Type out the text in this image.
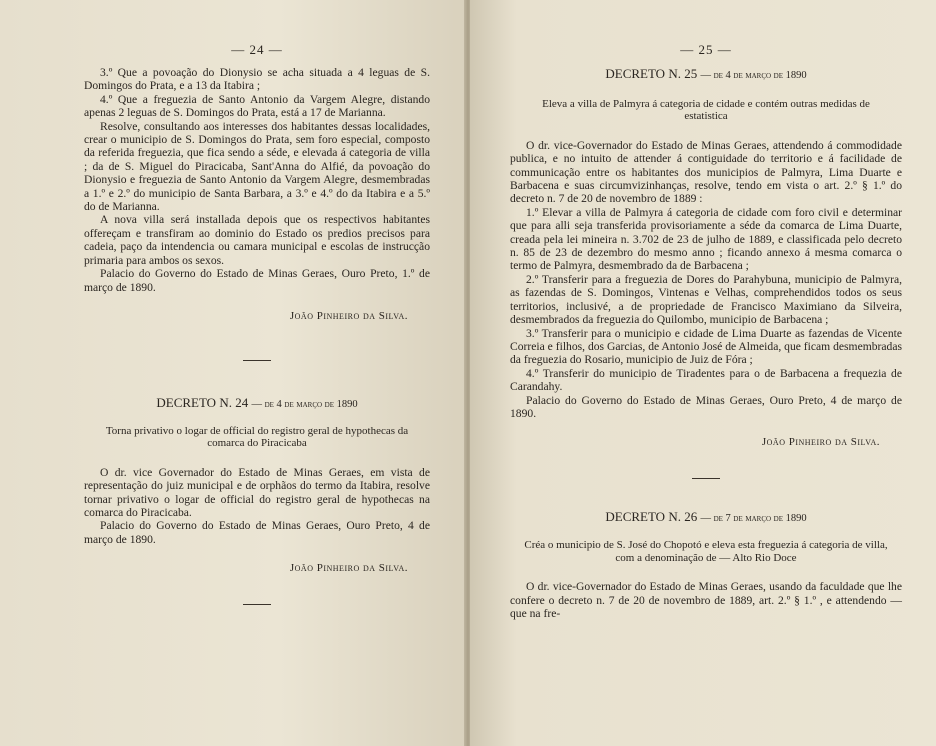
— 24 —

3.º Que a povoação do Dionysio se acha situada a 4 leguas de S. Domingos do Prata, e a 13 da Itabira ;

4.º Que a freguezia de Santo Antonio da Vargem Alegre, distando apenas 2 leguas de S. Domingos do Prata, está a 17 de Marianna.

Resolve, consultando aos interesses dos habitantes dessas localidades, crear o municipio de S. Domingos do Prata, sem foro especial, composto da referida freguezia, que fica sendo a séde, e elevada á categoria de villa ; da de S. Miguel do Piracicaba, Sant'Anna do Alfié, da povoação do Dionysio e freguezia de Santo Antonio da Vargem Alegre, desmembradas a 1.º e 2.º do municipio de Santa Barbara, a 3.º e 4.º do da Itabira e a 5.º do de Marianna.

A nova villa será installada depois que os respectivos habitantes offereçam e transfiram ao dominio do Estado os predios precisos para cadeia, paço da intendencia ou camara municipal e escolas de instrucção primaria para ambos os sexos.

Palacio do Governo do Estado de Minas Geraes, Ouro Preto, 1.º de março de 1890.

João Pinheiro da Silva.
DECRETO N. 24 — de 4 de março de 1890
Torna privativo o logar de official do registro geral de hypothecas da comarca do Piracicaba

O dr. vice Governador do Estado de Minas Geraes, em vista de representação do juiz municipal e de orphãos do termo da Itabira, resolve tornar privativo o logar de official do registro geral de hypothecas na comarca do Piracicaba.

Palacio do Governo do Estado de Minas Geraes, Ouro Preto, 4 de março de 1890.

João Pinheiro da Silva.
— 25 —
DECRETO N. 25 — de 4 de março de 1890
Eleva a villa de Palmyra á categoria de cidade e contém outras medidas de estatistica

O dr. vice-Governador do Estado de Minas Geraes, attendendo á commodidade publica, e no intuito de attender á contiguidade do territorio e á facilidade de communicação entre os habitantes dos municipios de Palmyra, Lima Duarte e Barbacena e suas circumvizinhanças, resolve, tendo em vista o art. 2.º § 1.º do decreto n. 7 de 20 de novembro de 1889 :

1.º Elevar a villa de Palmyra á categoria de cidade com foro civil e determinar que para alli seja transferida provisoriamente a séde da comarca de Lima Duarte, creada pela lei mineira n. 3.702 de 23 de julho de 1889, e classificada pelo decreto n. 85 de 23 de dezembro do mesmo anno ; ficando annexo á mesma comarca o termo de Palmyra, desmembrado da de Barbacena ;

2.º Transferir para a freguezia de Dores do Parahybuna, municipio de Palmyra, as fazendas de S. Domingos, Vintenas e Velhas, comprehendidos todos os seus territorios, inclusivé, a de propriedade de Francisco Maximiano da Silveira, desmembrados da freguezia do Quilombo, municipio de Barbacena ;

3.º Transferir para o municipio e cidade de Lima Duarte as fazendas de Vicente Correia e filhos, dos Garcias, de Antonio José de Almeida, que ficam desmembradas da freguezia do Rosario, municipio de Juiz de Fóra ;

4.º Transferir do municipio de Tiradentes para o de Barbacena a frequezia de Carandahy.

Palacio do Governo do Estado de Minas Geraes, Ouro Preto, 4 de março de 1890.

João Pinheiro da Silva.
DECRETO N. 26 — de 7 de março de 1890
Créa o municipio de S. José do Chopotó e eleva esta freguezia á categoria de villa, com a denominação de — Alto Rio Doce

O dr. vice-Governador do Estado de Minas Geraes, usando da faculdade que lhe confere o decreto n. 7 de 20 de novembro de 1889, art. 2.º § 1.º , e attendendo — que na fre-
